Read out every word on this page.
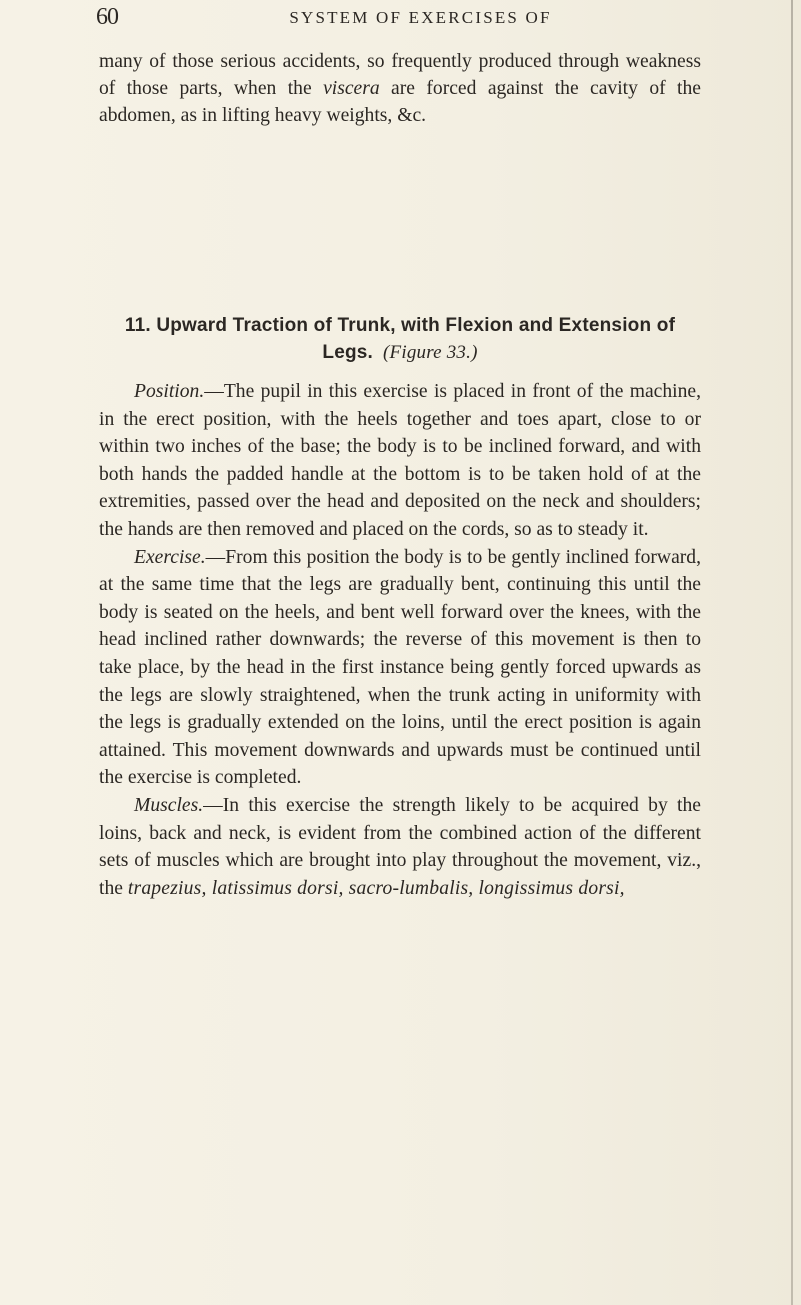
60	SYSTEM OF EXERCISES OF

many of those serious accidents, so frequently produced through weakness of those parts, when the viscera are forced against the cavity of the abdomen, as in lifting heavy weights, &c.

11. Upward Traction of Trunk, with Flexion and Extension of Legs. (Figure 33.)

Position.—The pupil in this exercise is placed in front of the machine, in the erect position, with the heels together and toes apart, close to or within two inches of the base; the body is to be inclined forward, and with both hands the padded handle at the bottom is to be taken hold of at the extremities, passed over the head and deposited on the neck and shoulders; the hands are then removed and placed on the cords, so as to steady it.

Exercise.—From this position the body is to be gently inclined forward, at the same time that the legs are gradually bent, continuing this until the body is seated on the heels, and bent well forward over the knees, with the head inclined rather downwards; the reverse of this movement is then to take place, by the head in the first instance being gently forced upwards as the legs are slowly straightened, when the trunk acting in uniformity with the legs is gradually extended on the loins, until the erect position is again attained. This movement downwards and upwards must be continued until the exercise is completed.

Muscles.—In this exercise the strength likely to be acquired by the loins, back and neck, is evident from the combined action of the different sets of muscles which are brought into play throughout the movement, viz., the trapezius, latissimus dorsi, sacro-lumbalis, longissimus dorsi,
